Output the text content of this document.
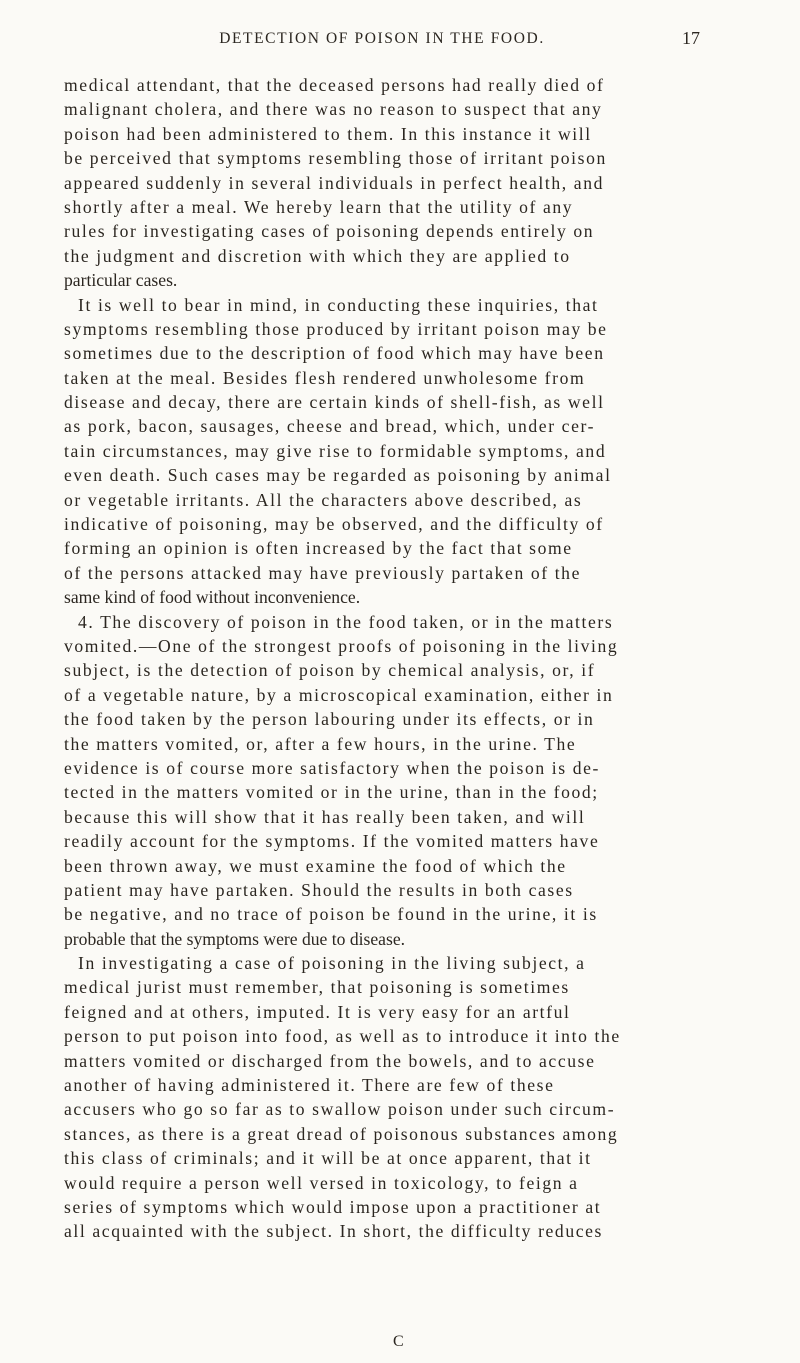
DETECTION OF POISON IN THE FOOD.	17
medical attendant, that the deceased persons had really died of
malignant cholera, and there was no reason to suspect that any
poison had been administered to them. In this instance it will
be perceived that symptoms resembling those of irritant poison
appeared suddenly in several individuals in perfect health, and
shortly after a meal. We hereby learn that the utility of any
rules for investigating cases of poisoning depends entirely on
the judgment and discretion with which they are applied to
particular cases.
It is well to bear in mind, in conducting these inquiries, that
symptoms resembling those produced by irritant poison may be
sometimes due to the description of food which may have been
taken at the meal. Besides flesh rendered unwholesome from
disease and decay, there are certain kinds of shell-fish, as well
as pork, bacon, sausages, cheese and bread, which, under cer-
tain circumstances, may give rise to formidable symptoms, and
even death. Such cases may be regarded as poisoning by animal
or vegetable irritants. All the characters above described, as
indicative of poisoning, may be observed, and the difficulty of
forming an opinion is often increased by the fact that some
of the persons attacked may have previously partaken of the
same kind of food without inconvenience.
4. The discovery of poison in the food taken, or in the matters
vomited.—One of the strongest proofs of poisoning in the living
subject, is the detection of poison by chemical analysis, or, if
of a vegetable nature, by a microscopical examination, either in
the food taken by the person labouring under its effects, or in
the matters vomited, or, after a few hours, in the urine. The
evidence is of course more satisfactory when the poison is de-
tected in the matters vomited or in the urine, than in the food;
because this will show that it has really been taken, and will
readily account for the symptoms. If the vomited matters have
been thrown away, we must examine the food of which the
patient may have partaken. Should the results in both cases
be negative, and no trace of poison be found in the urine, it is
probable that the symptoms were due to disease.
In investigating a case of poisoning in the living subject, a
medical jurist must remember, that poisoning is sometimes
feigned and at others, imputed. It is very easy for an artful
person to put poison into food, as well as to introduce it into the
matters vomited or discharged from the bowels, and to accuse
another of having administered it. There are few of these
accusers who go so far as to swallow poison under such circum-
stances, as there is a great dread of poisonous substances among
this class of criminals; and it will be at once apparent, that it
would require a person well versed in toxicology, to feign a
series of symptoms which would impose upon a practitioner at
all acquainted with the subject. In short, the difficulty reduces
C
